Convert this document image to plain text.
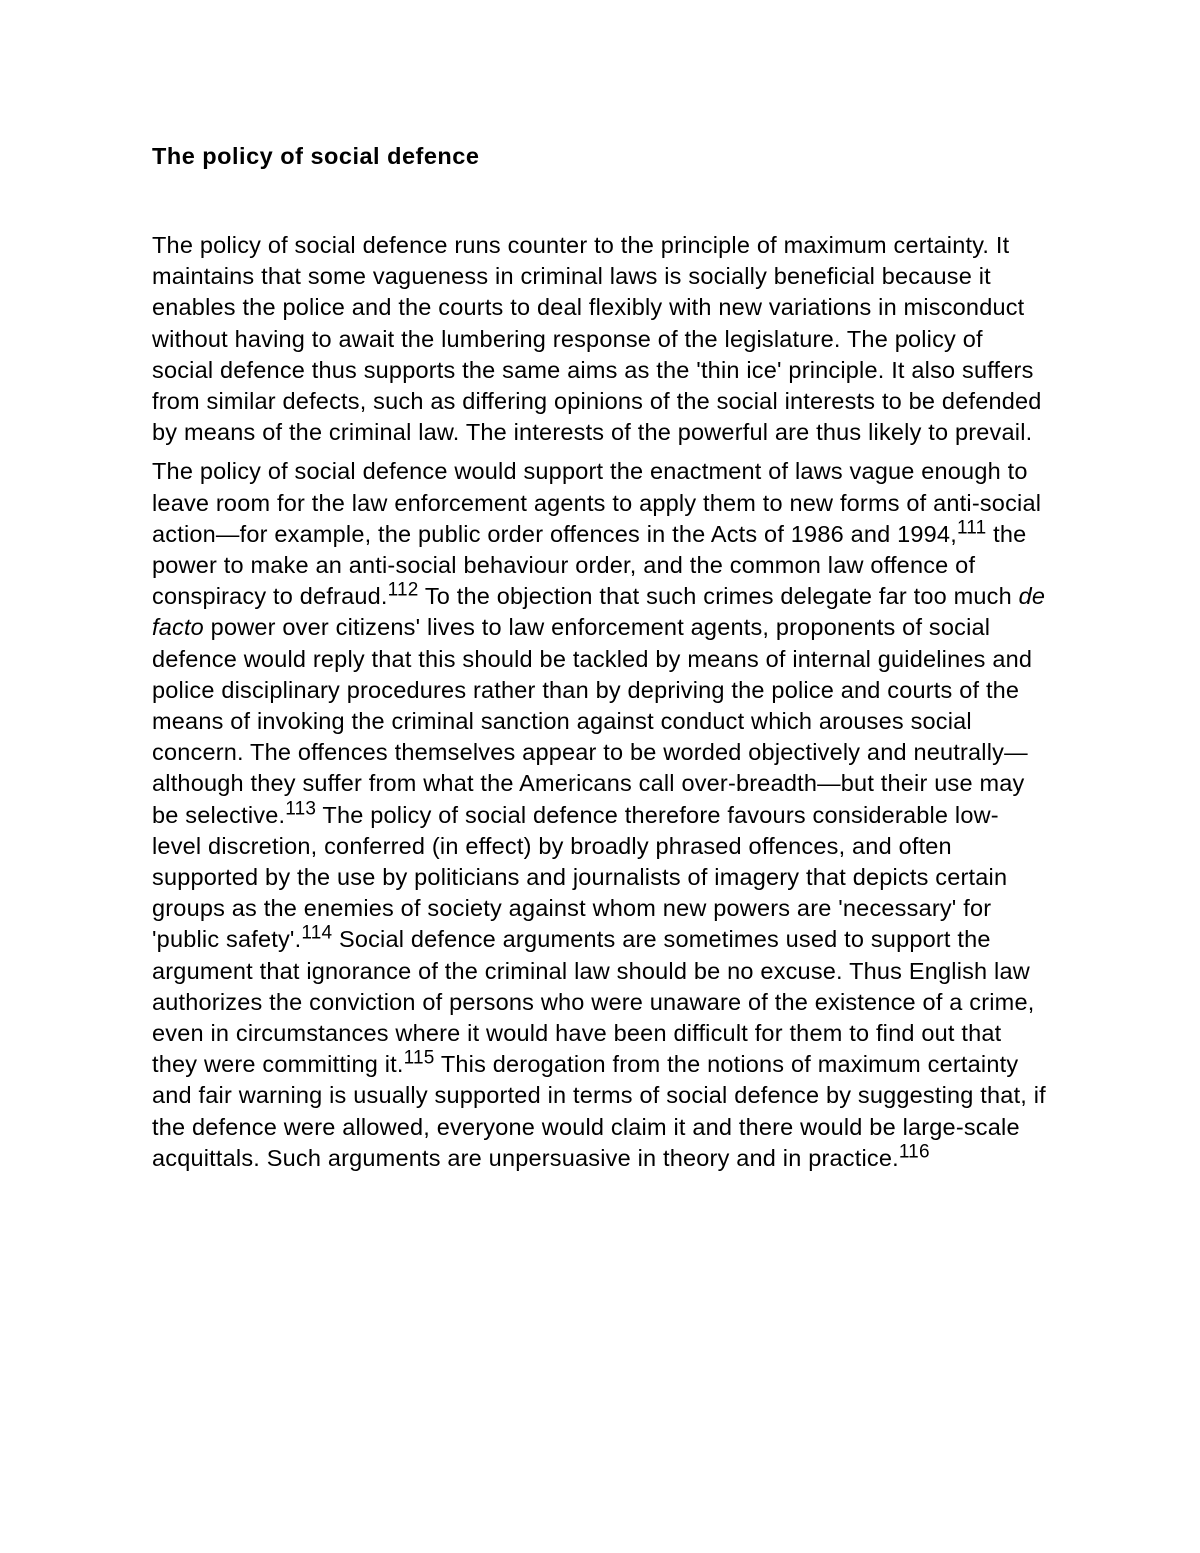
The policy of social defence

The policy of social defence runs counter to the principle of maximum certainty. It maintains that some vagueness in criminal laws is socially beneficial because it enables the police and the courts to deal flexibly with new variations in misconduct without having to await the lumbering response of the legislature. The policy of social defence thus supports the same aims as the 'thin ice' principle. It also suffers from similar defects, such as differing opinions of the social interests to be defended by means of the criminal law. The interests of the powerful are thus likely to prevail.

The policy of social defence would support the enactment of laws vague enough to leave room for the law enforcement agents to apply them to new forms of anti-social action—for example, the public order offences in the Acts of 1986 and 1994,$^{111}$ the power to make an anti-social behaviour order, and the common law offence of conspiracy to defraud.$^{112}$ To the objection that such crimes delegate far too much de facto power over citizens' lives to law enforcement agents, proponents of social defence would reply that this should be tackled by means of internal guidelines and police disciplinary procedures rather than by depriving the police and courts of the means of invoking the criminal sanction against conduct which arouses social concern. The offences themselves appear to be worded objectively and neutrally—although they suffer from what the Americans call over-breadth—but their use may be selective.$^{113}$ The policy of social defence therefore favours considerable low-level discretion, conferred (in effect) by broadly phrased offences, and often supported by the use by politicians and journalists of imagery that depicts certain groups as the enemies of society against whom new powers are 'necessary' for 'public safety'.$^{114}$ Social defence arguments are sometimes used to support the argument that ignorance of the criminal law should be no excuse. Thus English law authorizes the conviction of persons who were unaware of the existence of a crime, even in circumstances where it would have been difficult for them to find out that they were committing it.$^{115}$ This derogation from the notions of maximum certainty and fair warning is usually supported in terms of social defence by suggesting that, if the defence were allowed, everyone would claim it and there would be large-scale acquittals. Such arguments are unpersuasive in theory and in practice.$^{116}$
